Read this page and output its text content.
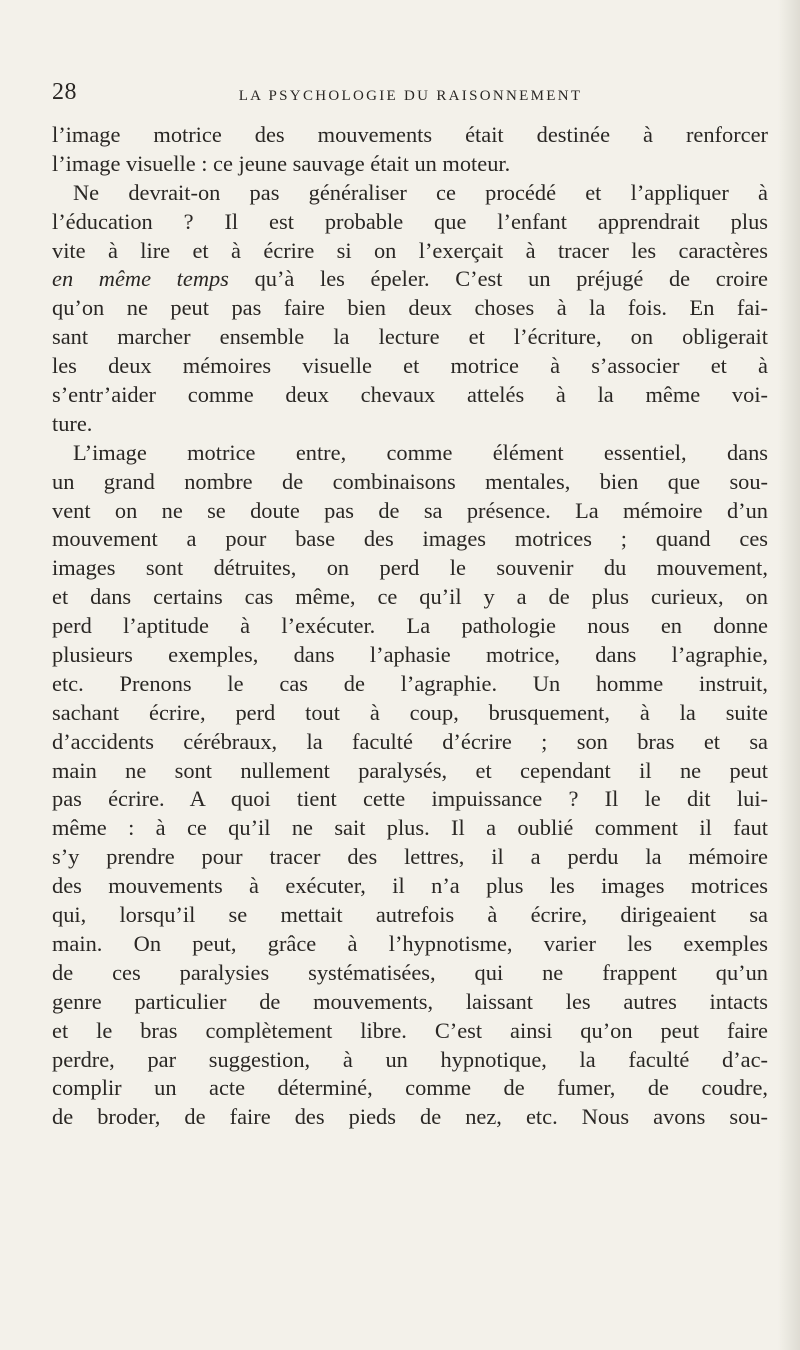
28	LA PSYCHOLOGIE DU RAISONNEMENT
l’image motrice des mouvements était destinée à renforcer
l’image visuelle : ce jeune sauvage était un moteur.
Ne devrait-on pas généraliser ce procédé et l’appliquer à
l’éducation ? Il est probable que l’enfant apprendrait plus
vite à lire et à écrire si on l’exerçait à tracer les caractères
en même temps qu’à les épeler. C’est un préjugé de croire
qu’on ne peut pas faire bien deux choses à la fois. En fai-
sant marcher ensemble la lecture et l’écriture, on obligerait
les deux mémoires visuelle et motrice à s’associer et à
s’entr’aider comme deux chevaux attelés à la même voi-
ture.
L’image motrice entre, comme élément essentiel, dans
un grand nombre de combinaisons mentales, bien que sou-
vent on ne se doute pas de sa présence. La mémoire d’un
mouvement a pour base des images motrices ; quand ces
images sont détruites, on perd le souvenir du mouvement,
et dans certains cas même, ce qu’il y a de plus curieux, on
perd l’aptitude à l’exécuter. La pathologie nous en donne
plusieurs exemples, dans l’aphasie motrice, dans l’agraphie,
etc. Prenons le cas de l’agraphie. Un homme instruit,
sachant écrire, perd tout à coup, brusquement, à la suite
d’accidents cérébraux, la faculté d’écrire ; son bras et sa
main ne sont nullement paralysés, et cependant il ne peut
pas écrire. A quoi tient cette impuissance ? Il le dit lui-
même : à ce qu’il ne sait plus. Il a oublié comment il faut
s’y prendre pour tracer des lettres, il a perdu la mémoire
des mouvements à exécuter, il n’a plus les images motrices
qui, lorsqu’il se mettait autrefois à écrire, dirigeaient sa
main. On peut, grâce à l’hypnotisme, varier les exemples
de ces paralysies systématisées, qui ne frappent qu’un
genre particulier de mouvements, laissant les autres intacts
et le bras complètement libre. C’est ainsi qu’on peut faire
perdre, par suggestion, à un hypnotique, la faculté d’ac-
complir un acte déterminé, comme de fumer, de coudre,
de broder, de faire des pieds de nez, etc. Nous avons sou-
